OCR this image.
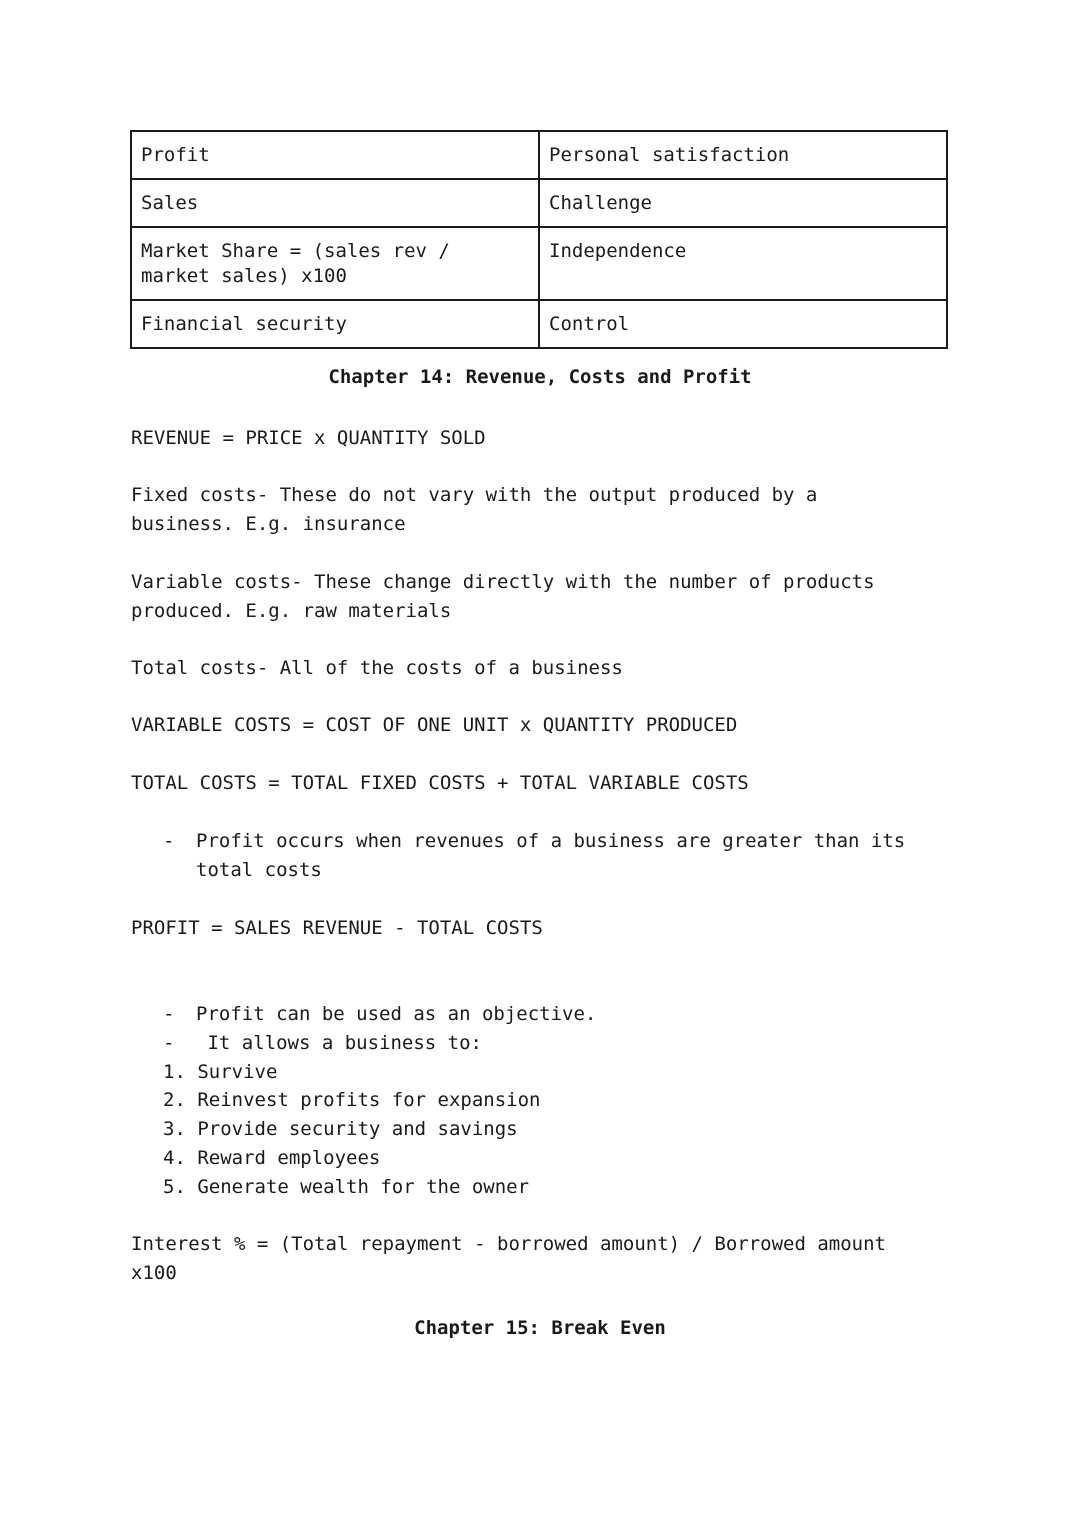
Profit	Personal satisfaction
Sales	Challenge
Market Share = (sales rev /
market sales) x100	Independence
Financial security	Control
Chapter 14: Revenue, Costs and Profit
REVENUE = PRICE x QUANTITY SOLD
Fixed costs- These do not vary with the output produced by a
business. E.g. insurance
Variable costs- These change directly with the number of products
produced. E.g. raw materials
Total costs- All of the costs of a business
VARIABLE COSTS = COST OF ONE UNIT x QUANTITY PRODUCED
TOTAL COSTS = TOTAL FIXED COSTS + TOTAL VARIABLE COSTS
- Profit occurs when revenues of a business are greater than its
total costs
PROFIT = SALES REVENUE - TOTAL COSTS
- Profit can be used as an objective.
- It allows a business to:
1. Survive
2. Reinvest profits for expansion
3. Provide security and savings
4. Reward employees
5. Generate wealth for the owner
Interest % = (Total repayment - borrowed amount) / Borrowed amount
x100
Chapter 15: Break Even
